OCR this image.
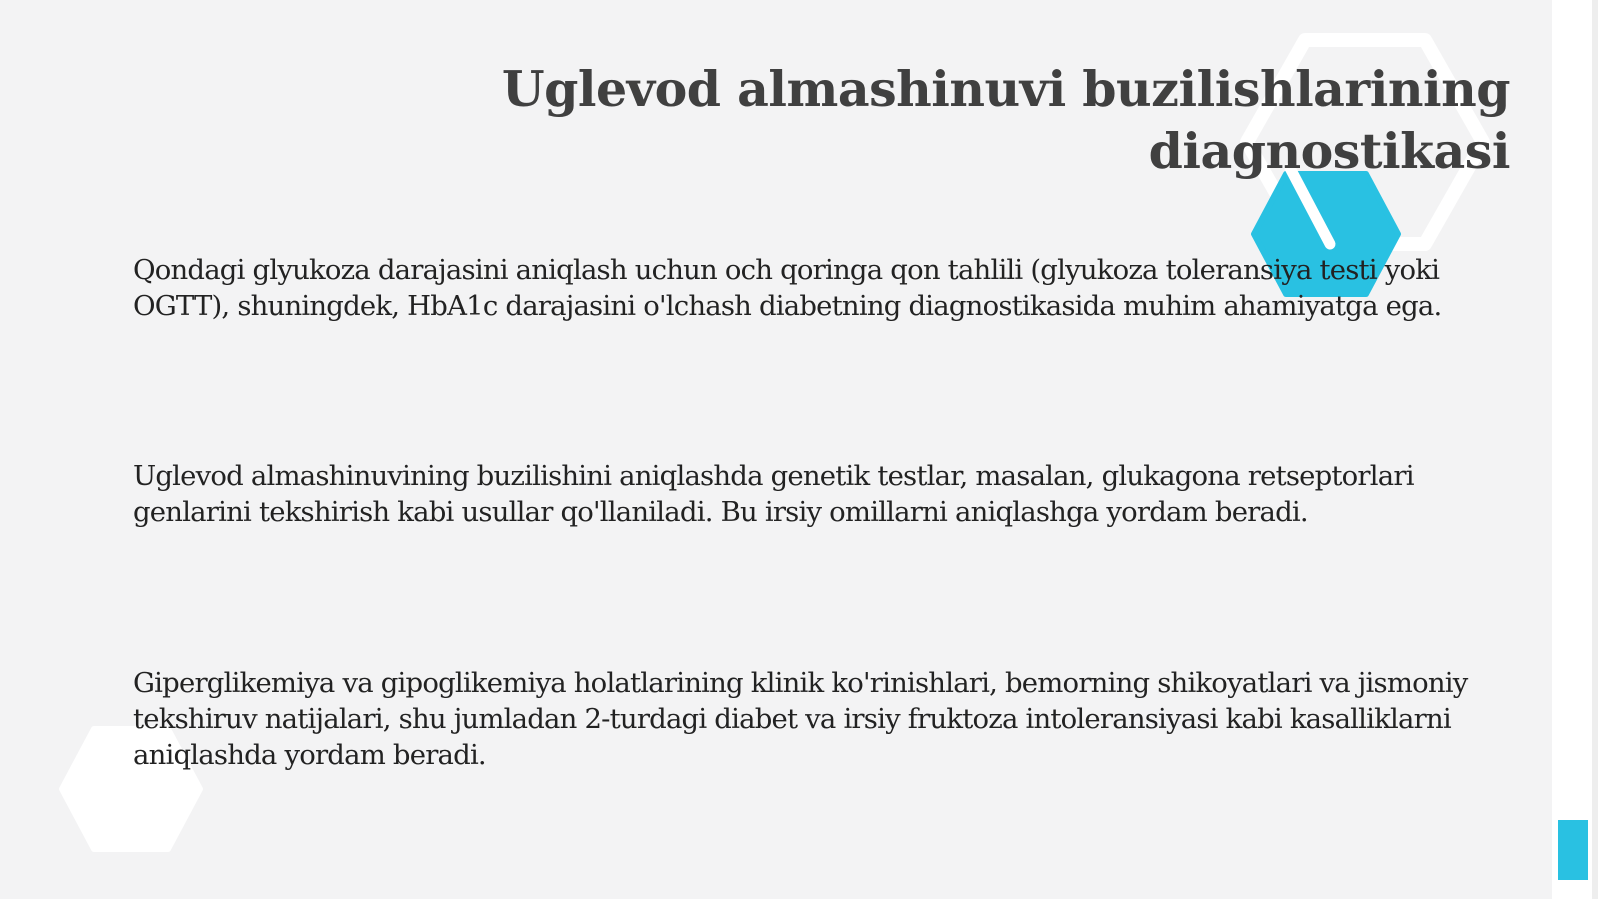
Uglevod almashinuvi buzilishlarining diagnostikasi

Qondagi glyukoza darajasini aniqlash uchun och qoringa qon tahlili (glyukoza toleransiya testi yoki OGTT), shuningdek, HbA1c darajasini o'lchash diabetning diagnostikasida muhim ahamiyatga ega.

Uglevod almashinuvining buzilishini aniqlashda genetik testlar, masalan, glukagona retseptorlari genlarini tekshirish kabi usullar qo'llaniladi. Bu irsiy omillarni aniqlashga yordam beradi.

Giperglikemiya va gipoglikemiya holatlarining klinik ko'rinishlari, bemorning shikoyatlari va jismoniy tekshiruv natijalari, shu jumladan 2-turdagi diabet va irsiy fruktoza intoleransiyasi kabi kasalliklarni aniqlashda yordam beradi.
